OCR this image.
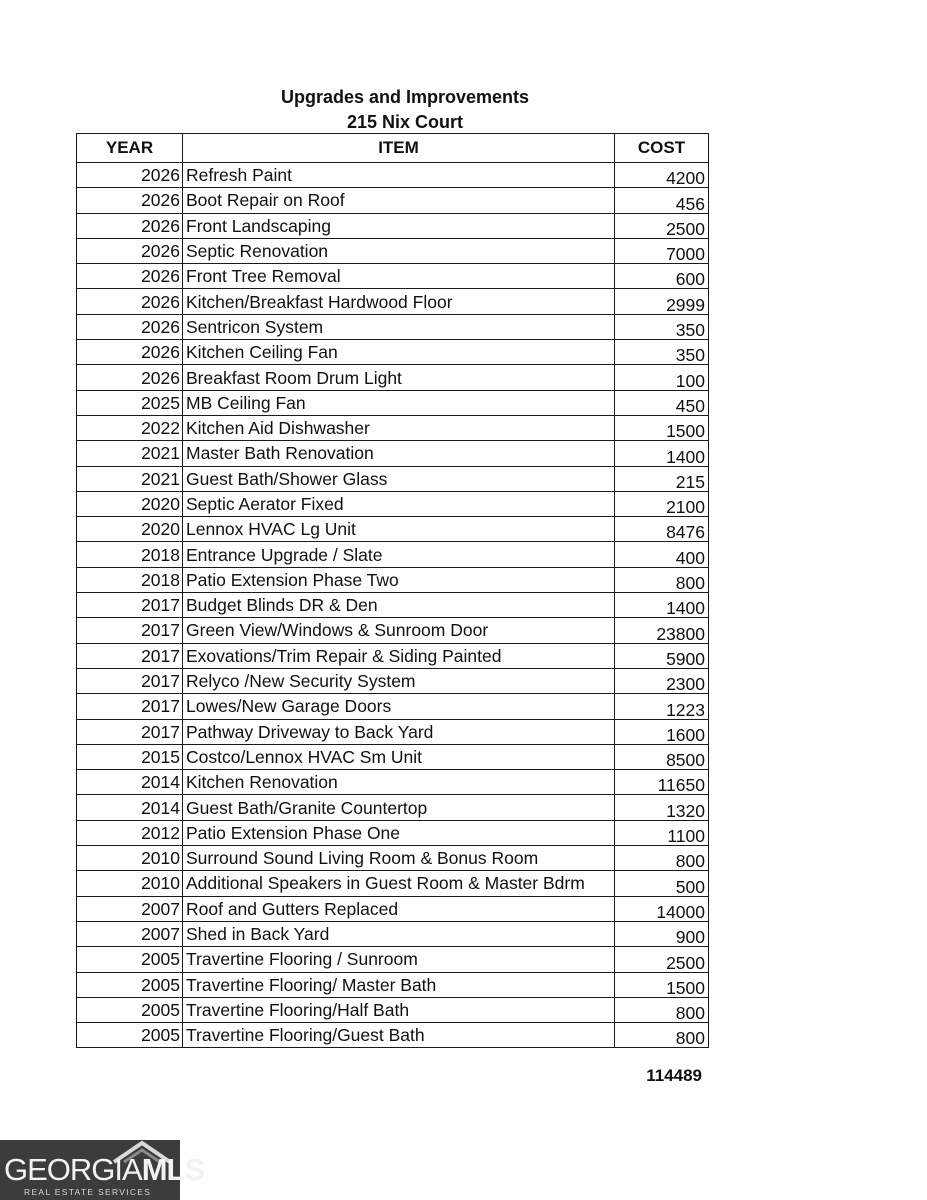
Upgrades and Improvements
215 Nix Court
YEAR	ITEM	COST
2026	Refresh Paint	4200
2026	Boot Repair on Roof	456
2026	Front Landscaping	2500
2026	Septic Renovation	7000
2026	Front Tree Removal	600
2026	Kitchen/Breakfast Hardwood Floor	2999
2026	Sentricon System	350
2026	Kitchen Ceiling Fan	350
2026	Breakfast Room Drum Light	100
2025	MB Ceiling Fan	450
2022	Kitchen Aid Dishwasher	1500
2021	Master Bath Renovation	1400
2021	Guest Bath/Shower Glass	215
2020	Septic Aerator Fixed	2100
2020	Lennox HVAC Lg Unit	8476
2018	Entrance Upgrade / Slate	400
2018	Patio Extension Phase Two	800
2017	Budget Blinds DR & Den	1400
2017	Green View/Windows & Sunroom Door	23800
2017	Exovations/Trim Repair & Siding Painted	5900
2017	Relyco /New Security System	2300
2017	Lowes/New Garage Doors	1223
2017	Pathway Driveway to Back Yard	1600
2015	Costco/Lennox HVAC Sm Unit	8500
2014	Kitchen Renovation	11650
2014	Guest Bath/Granite Countertop	1320
2012	Patio Extension Phase One	1100
2010	Surround Sound Living Room & Bonus Room	800
2010	Additional Speakers in Guest Room & Master Bdrm	500
2007	Roof and Gutters Replaced	14000
2007	Shed in Back Yard	900
2005	Travertine Flooring / Sunroom	2500
2005	Travertine Flooring/ Master Bath	1500
2005	Travertine Flooring/Half Bath	800
2005	Travertine Flooring/Guest Bath	800
114489
GEORGIAMLS
REAL ESTATE SERVICES
